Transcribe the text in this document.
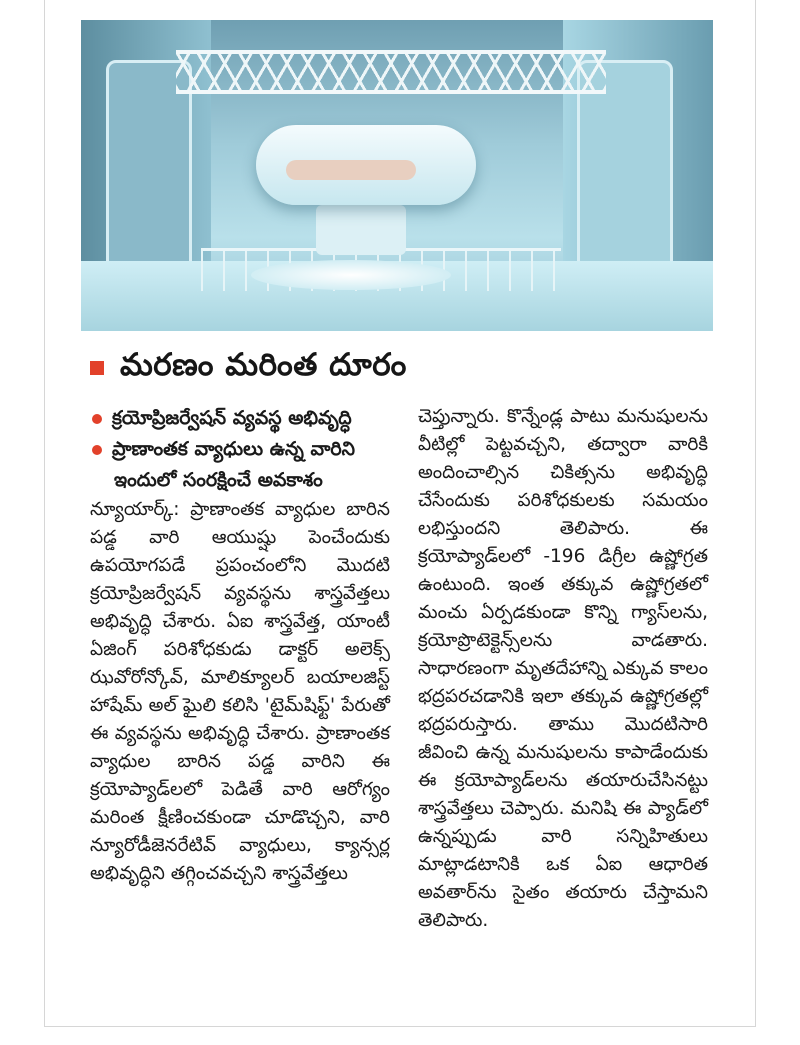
మరణం మరింత దూరం
క్రయోప్రిజర్వేషన్ వ్యవస్థ అభివృద్ధి
ప్రాణాంతక వ్యాధులు ఉన్న వారిని
ఇందులో సంరక్షించే అవకాశం

న్యూయార్క్: ప్రాణాంతక వ్యాధుల బారిన పడ్డ వారి ఆయుష్షు పెంచేందుకు ఉపయోగపడే ప్రపంచంలోని మొదటి క్రయోప్రిజర్వేషన్ వ్యవస్థను శాస్త్రవేత్తలు అభివృద్ధి చేశారు. ఏఐ శాస్త్రవేత్త, యాంటీ ఏజింగ్ పరిశోధకుడు డాక్టర్ అలెక్స్ ఝవోరోన్కోవ్, మాలిక్యూలర్ బయాలజిస్ట్ హాషేమ్ అల్ ఘైలి కలిసి 'టైమ్‌షిఫ్ట్' పేరుతో ఈ వ్యవస్థను అభివృద్ధి చేశారు. ప్రాణాంతక వ్యాధుల బారిన పడ్డ వారిని ఈ క్రయోప్యాడ్‌లలో పెడితే వారి ఆరోగ్యం మరింత క్షీణించకుండా చూడొచ్చని, వారి న్యూరోడీజెనరేటివ్ వ్యాధులు, క్యాన్సర్ల అభివృద్ధిని తగ్గించవచ్చని శాస్త్రవేత్తలు

చెప్తున్నారు. కొన్నేండ్ల పాటు మనుషులను వీటిల్లో పెట్టవచ్చని, తద్వారా వారికి అందించాల్సిన చికిత్సను అభివృద్ధి చేసేందుకు పరిశోధకులకు సమయం లభిస్తుందని తెలిపారు. ఈ క్రయోప్యాడ్‌లలో -196 డిగ్రీల ఉష్ణోగ్రత ఉంటుంది. ఇంత తక్కువ ఉష్ణోగ్రతలో మంచు ఏర్పడకుండా కొన్ని గ్యాస్‌లను, క్రయోప్రొటెక్టెన్స్‌లను వాడతారు. సాధారణంగా మృతదేహాన్ని ఎక్కువ కాలం భద్రపరచడానికి ఇలా తక్కువ ఉష్ణోగ్రతల్లో భద్రపరుస్తారు. తాము మొదటిసారి జీవించి ఉన్న మనుషులను కాపాడేందుకు ఈ క్రయోప్యాడ్‌లను తయారుచేసినట్టు శాస్త్రవేత్తలు చెప్పారు. మనిషి ఈ ప్యాడ్‌లో ఉన్నప్పుడు వారి సన్నిహితులు మాట్లాడటానికి ఒక ఏఐ ఆధారిత అవతార్‌ను సైతం తయారు చేస్తామని తెలిపారు.
